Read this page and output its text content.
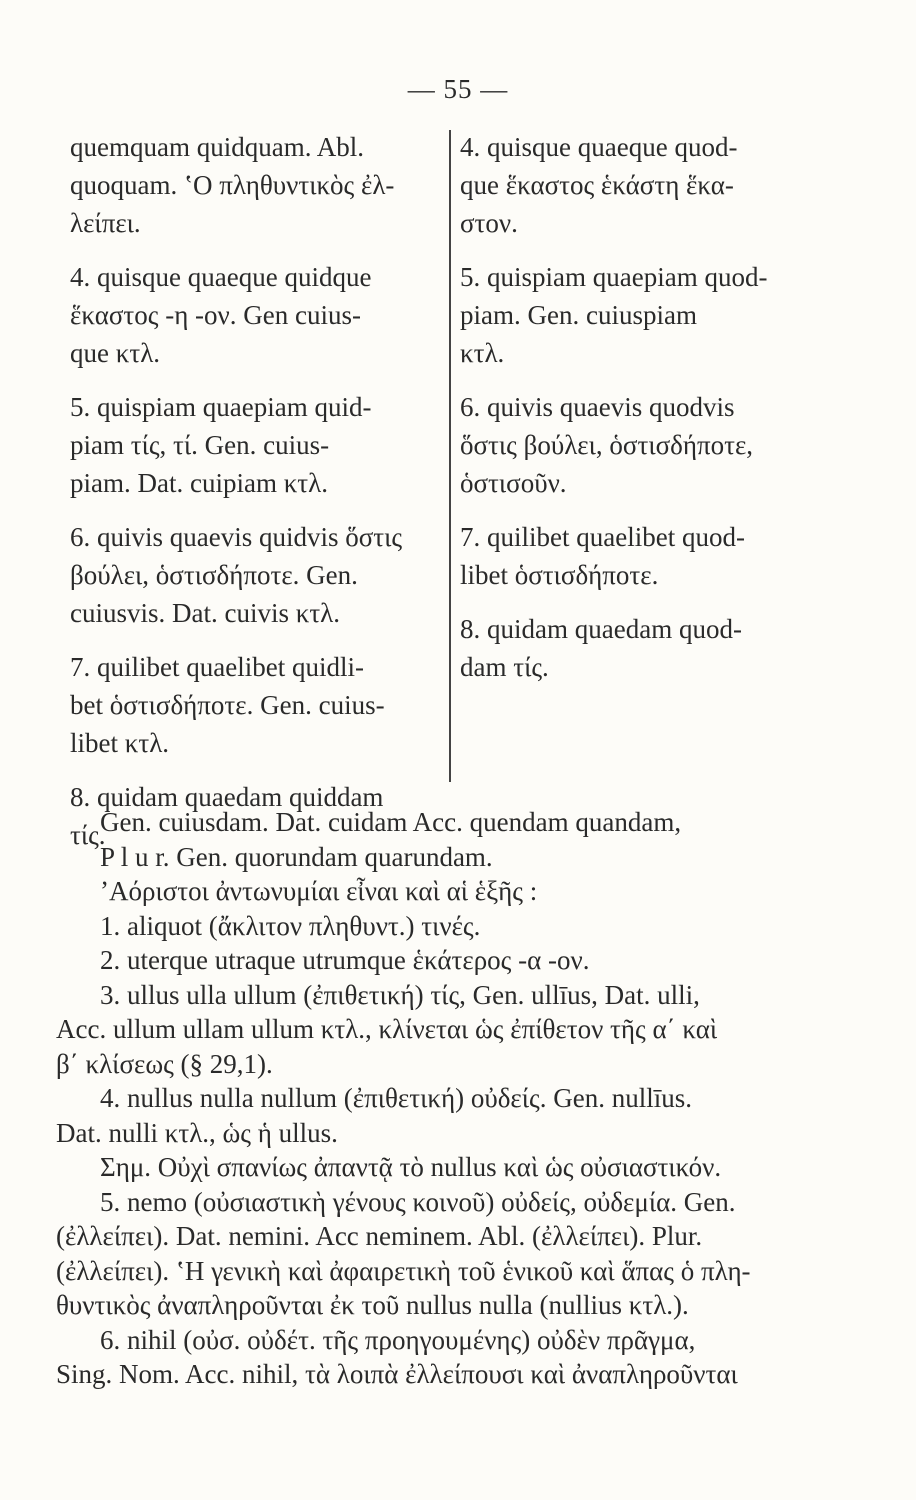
— 55 —
quemquam quidquam. Abl.
quoquam. ʽΟ πληθυντικὸς ἐλ-
λείπει.
4. quisque quaeque quidque
ἕκαστος -η -ον. Gen cuius-
que κτλ.
5. quispiam quaepiam quid-
piam τίς, τί. Gen. cuius-
piam. Dat. cuipiam κτλ.
6. quivis quaevis quidvis ὅστις
βούλει, ὁστισδήποτε. Gen.
cuiusvis. Dat. cuivis κτλ.
7. quilibet quaelibet quidli-
bet ὁστισδήποτε. Gen. cuius-
libet κτλ.
8. quidam quaedam quiddam
τίς.
4. quisque quaeque quod-
que ἕκαστος ἑκάστη ἕκα-
στον.
5. quispiam quaepiam quod-
piam. Gen. cuiuspiam
κτλ.
6. quivis quaevis quodvis
ὅστις βούλει, ὁστισδήποτε,
ὁστισοῦν.
7. quilibet quaelibet quod-
libet ὁστισδήποτε.
8. quidam quaedam quod-
dam τίς.
Gen. cuiusdam. Dat. cuidam Acc. quendam quandam,
P l u r. Gen. quorundam quarundam.
ʼΑόριστοι ἀντωνυμίαι εἶναι καὶ αἱ ἑξῆς :
1. aliquot (ἄκλιτον πληθυντ.) τινές.
2. uterque utraque utrumque ἑκάτερος -α -ον.
3. ullus ulla ullum (ἐπιθετική) τίς, Gen. ullīus, Dat. ulli,
Acc. ullum ullam ullum κτλ., κλίνεται ὡς ἐπίθετον τῆς α΄ καὶ
β΄ κλίσεως (§ 29,1).
4. nullus nulla nullum (ἐπιθετική) οὐδείς. Gen. nullīus.
Dat. nulli κτλ., ὡς ἡ ullus.
Σημ. Οὐχὶ σπανίως ἀπαντᾷ τὸ nullus καὶ ὡς οὐσιαστικόν.
5. nemo (οὐσιαστικὴ γένους κοινοῦ) οὐδείς, οὐδεμία. Gen.
(ἐλλείπει). Dat. nemini. Acc neminem. Abl. (ἐλλείπει). Plur.
(ἐλλείπει). ʽΗ γενικὴ καὶ ἀφαιρετικὴ τοῦ ἑνικοῦ καὶ ἅπας ὁ πλη-
θυντικὸς ἀναπληροῦνται ἐκ τοῦ nullus nulla (nullius κτλ.).
6. nihil (οὐσ. οὐδέτ. τῆς προηγουμένης) οὐδὲν πρᾶγμα,
Sing. Nom. Acc. nihil, τὰ λοιπὰ ἐλλείπουσι καὶ ἀναπληροῦνται
